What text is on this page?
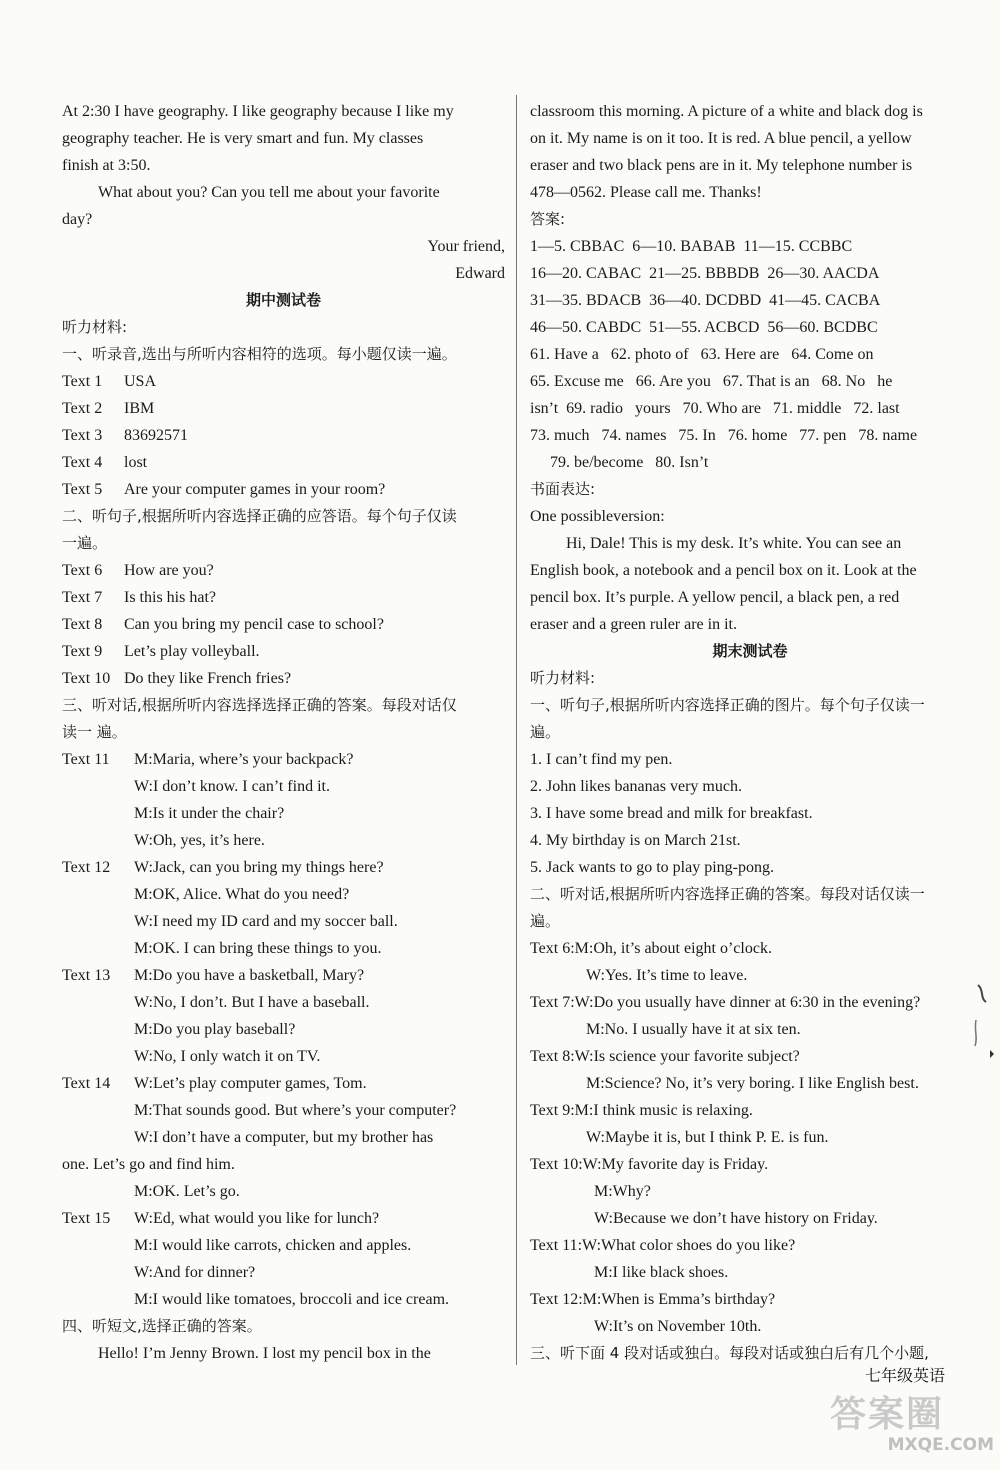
At 2:30 I have geography. I like geography because I like my
geography teacher. He is very smart and fun. My classes
finish at 3:50.
What about you? Can you tell me about your favorite
day?
Your friend,
Edward
期中测试卷
听力材料:
一、听录音,选出与所听内容相符的选项。每小题仅读一遍。
Text 1	USA
Text 2	IBM
Text 3	83692571
Text 4	lost
Text 5	Are your computer games in your room?
二、听句子,根据所听内容选择正确的应答语。每个句子仅读
一遍。
Text 6	How are you?
Text 7	Is this his hat?
Text 8	Can you bring my pencil case to school?
Text 9	Let’s play volleyball.
Text 10 Do they like French fries?
三、听对话,根据所听内容选择选择正确的答案。每段对话仅
读一 遍。
Text 11	M:Maria, where’s your backpack?
W:I don’t know. I can’t find it.
M:Is it under the chair?
W:Oh, yes, it’s here.
Text 12	W:Jack, can you bring my things here?
M:OK, Alice. What do you need?
W:I need my ID card and my soccer ball.
M:OK. I can bring these things to you.
Text 13	M:Do you have a basketball, Mary?
W:No, I don’t. But I have a baseball.
M:Do you play baseball?
W:No, I only watch it on TV.
Text 14	W:Let’s play computer games, Tom.
M:That sounds good. But where’s your computer?
W:I don’t have a computer, but my brother has
one. Let’s go and find him.
M:OK. Let’s go.
Text 15	W:Ed, what would you like for lunch?
M:I would like carrots, chicken and apples.
W:And for dinner?
M:I would like tomatoes, broccoli and ice cream.
四、听短文,选择正确的答案。
Hello! I’m Jenny Brown. I lost my pencil box in the
classroom this morning. A picture of a white and black dog is
on it. My name is on it too. It is red. A blue pencil, a yellow
eraser and two black pens are in it. My telephone number is
478—0562. Please call me. Thanks!
答案:
1—5. CBBAC  6—10. BABAB  11—15. CCBBC
16—20. CABAC  21—25. BBBDB  26—30. AACDA
31—35. BDACB  36—40. DCDBD  41—45. CACBA
46—50. CABDC  51—55. ACBCD  56—60. BCDBC
61. Have a   62. photo of   63. Here are   64. Come on
65. Excuse me   66. Are you   67. That is an   68. No   he
isn’t  69. radio   yours   70. Who are   71. middle   72. last
73. much   74. names   75. In   76. home   77. pen   78. name
79. be/become   80. Isn’t
书面表达:
One possibleversion:
Hi, Dale! This is my desk. It’s white. You can see an
English book, a notebook and a pencil box on it. Look at the
pencil box. It’s purple. A yellow pencil, a black pen, a red
eraser and a green ruler are in it.
期末测试卷
听力材料:
一、听句子,根据所听内容选择正确的图片。每个句子仅读一
遍。
1. I can’t find my pen.
2. John likes bananas very much.
3. I have some bread and milk for breakfast.
4. My birthday is on March 21st.
5. Jack wants to go to play ping-pong.
二、听对话,根据所听内容选择正确的答案。每段对话仅读一
遍。
Text 6:M:Oh, it’s about eight o’clock.
W:Yes. It’s time to leave.
Text 7:W:Do you usually have dinner at 6:30 in the evening?
M:No. I usually have it at six ten.
Text 8:W:Is science your favorite subject?
M:Science? No, it’s very boring. I like English best.
Text 9:M:I think music is relaxing.
W:Maybe it is, but I think P. E. is fun.
Text 10:W:My favorite day is Friday.
M:Why?
W:Because we don’t have history on Friday.
Text 11:W:What color shoes do you like?
M:I like black shoes.
Text 12:M:When is Emma’s birthday?
W:It’s on November 10th.
三、听下面 4 段对话或独白。每段对话或独白后有几个小题,
七年级英语
答案圈
MXQE.COM
